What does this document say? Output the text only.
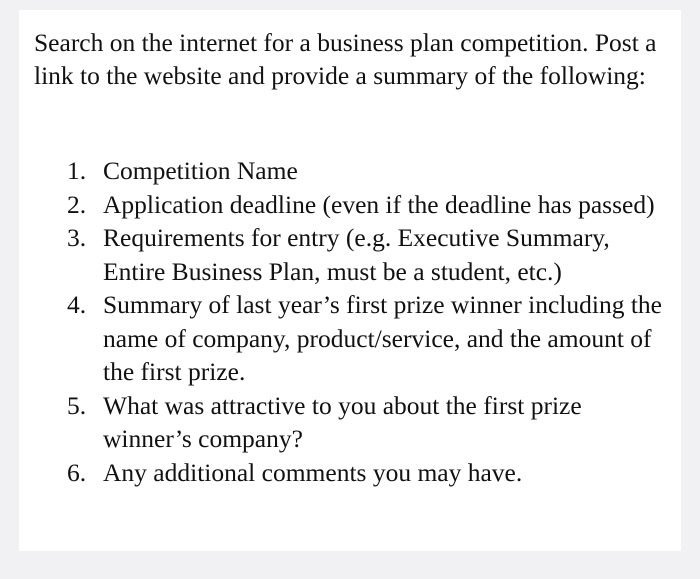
Search on the internet for a business plan competition. Post a link to the website and provide a summary of the following:

1. Competition Name
2. Application deadline (even if the deadline has passed)
3. Requirements for entry (e.g. Executive Summary, Entire Business Plan, must be a student, etc.)
4. Summary of last year’s first prize winner including the name of company, product/service, and the amount of the first prize.
5. What was attractive to you about the first prize winner’s company?
6. Any additional comments you may have.
